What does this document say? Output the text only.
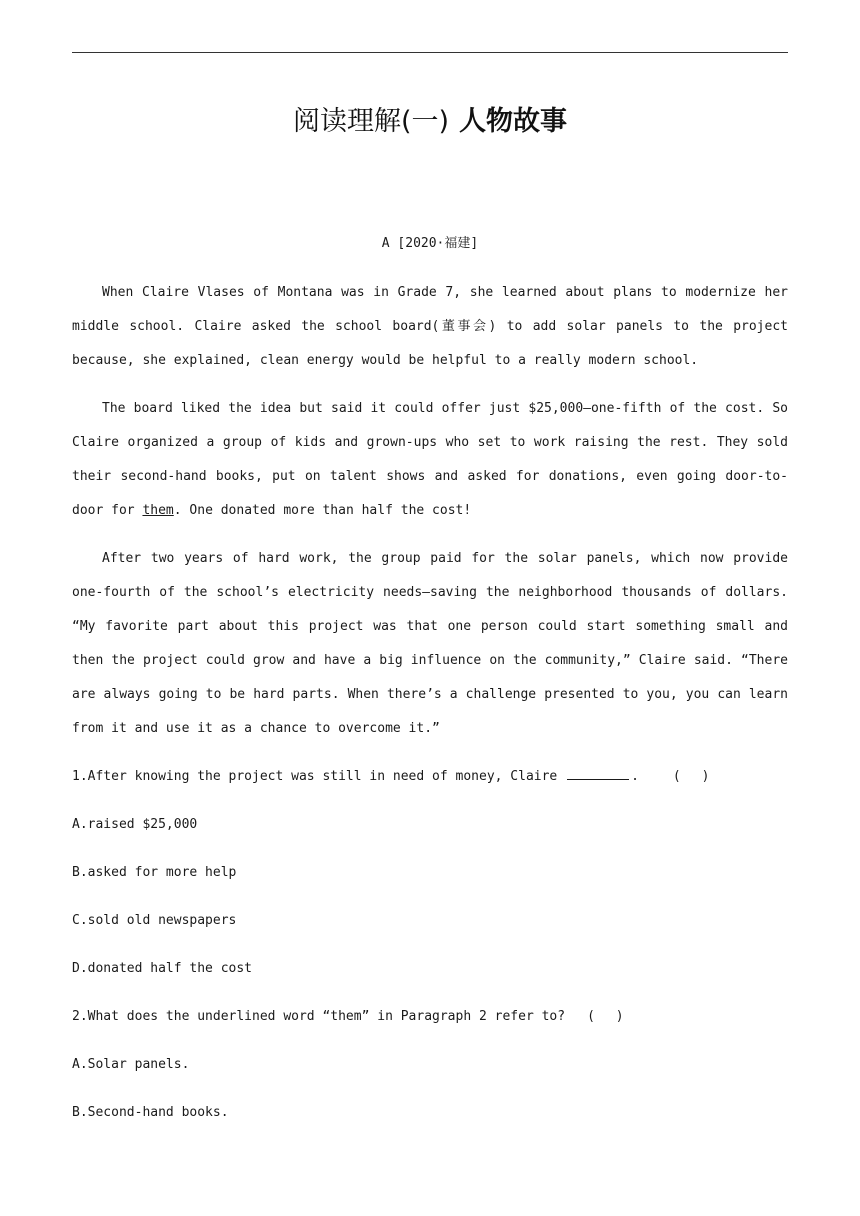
阅读理解(一) 人物故事
A [2020·福建]

When Claire Vlases of Montana was in Grade 7, she learned about plans to modernize her middle school. Claire asked the school board(董事会) to add solar panels to the project because, she explained, clean energy would be helpful to a really modern school.

The board liked the idea but said it could offer just $25,000—one-fifth of the cost. So Claire organized a group of kids and grown-ups who set to work raising the rest. They sold their second-hand books, put on talent shows and asked for donations, even going door-to-door for them. One donated more than half the cost!

After two years of hard work, the group paid for the solar panels, which now provide one-fourth of the school’s electricity needs—saving the neighborhood thousands of dollars. “My favorite part about this project was that one person could start something small and then the project could grow and have a big influence on the community,” Claire said. “There are always going to be hard parts. When there’s a challenge presented to you, you can learn from it and use it as a chance to overcome it.”

1.After knowing the project was still in need of money, Claire	.	(　 )
A.raised $25,000
B.asked for more help
C.sold old newspapers
D.donated half the cost
2.What does the underlined word “them” in Paragraph 2 refer to? (　 )
A.Solar panels.
B.Second-hand books.
